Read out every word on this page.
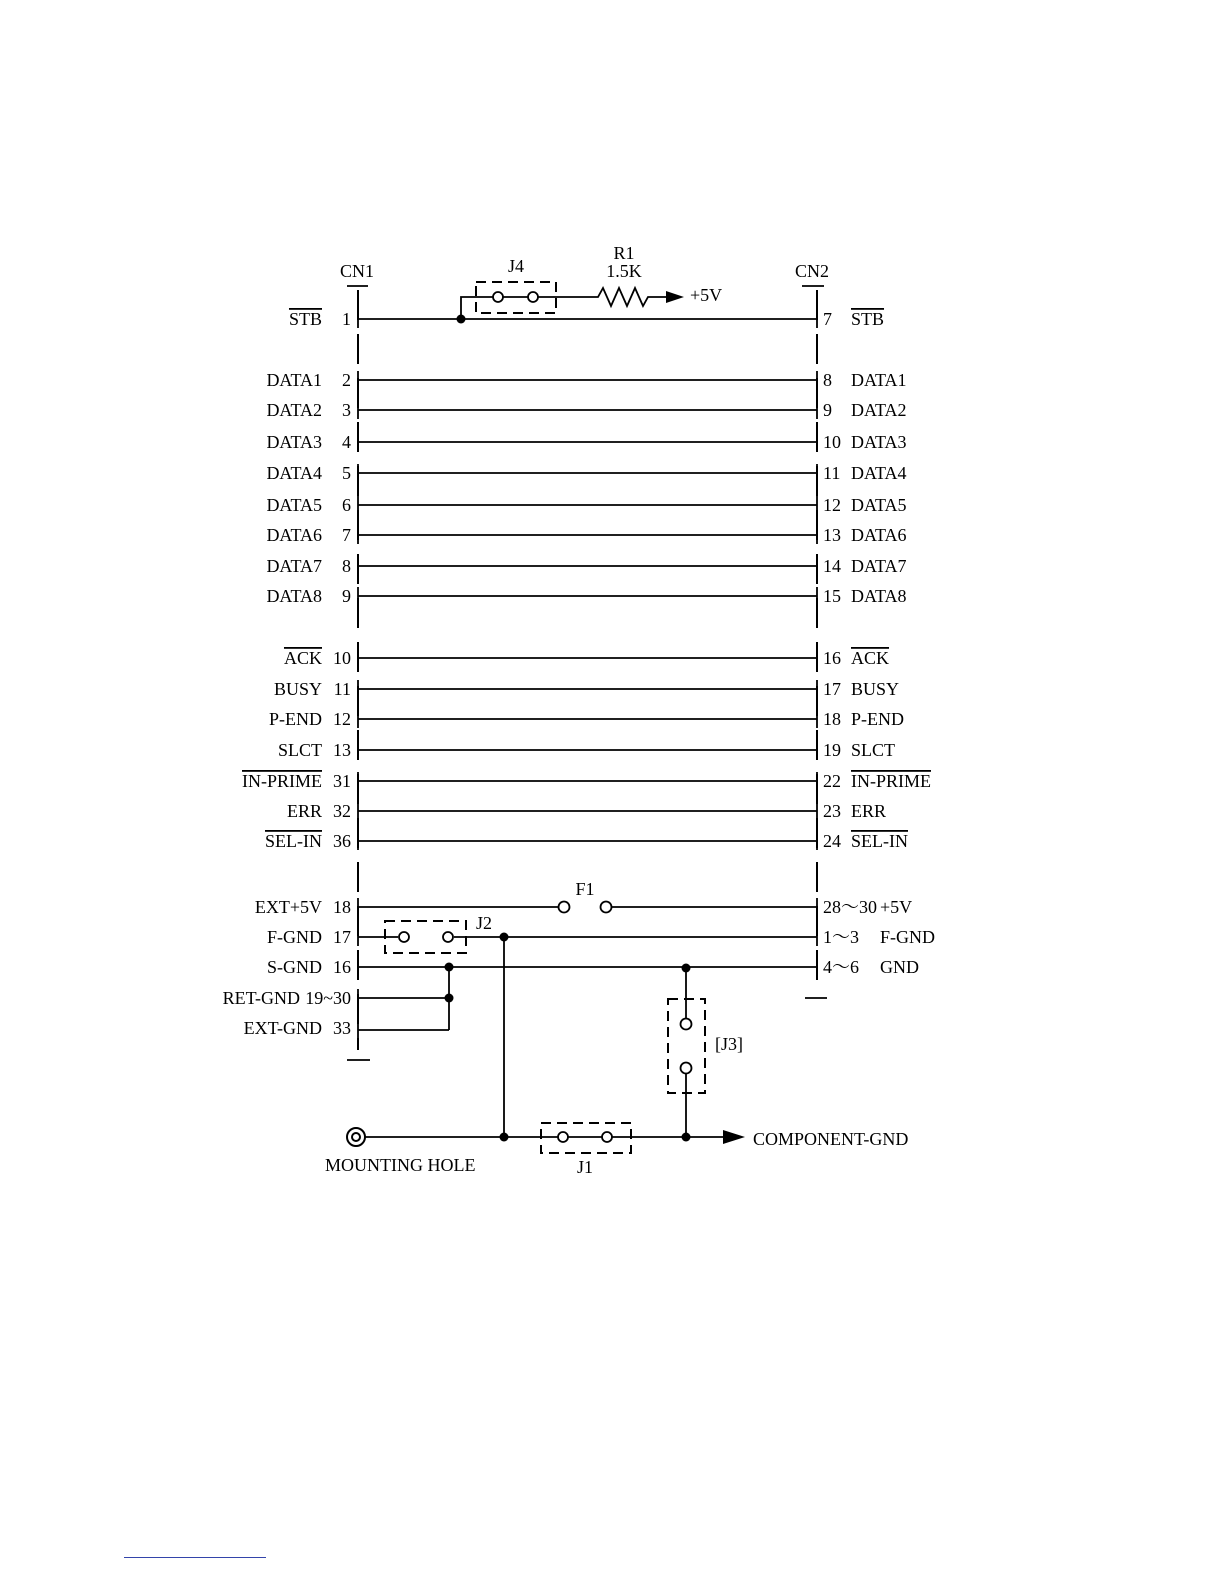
CN1	CN2
R1
1.5K
+5V
J4
STB 1	7 STB
DATA1 2	8 DATA1
DATA2 3	9 DATA2
DATA3 4	10 DATA3
DATA4 5	11 DATA4
DATA5 6	12 DATA5
DATA6 7	13 DATA6
DATA7 8	14 DATA7
DATA8 9	15 DATA8
ACK 10	16 ACK
BUSY 11	17 BUSY
P-END 12	18 P-END
SLCT 13	19 SLCT
IN-PRIME 31	22 IN-PRIME
ERR 32	23 ERR
SEL-IN 36	24 SEL-IN
EXT+5V 18	28～30 +5V
F-GND 17	1～3 F-GND
S-GND 16	4～6 GND
F1
J2
RET-GND 19~30
EXT-GND 33
[J3]
COMPONENT-GND
MOUNTING HOLE	J1
